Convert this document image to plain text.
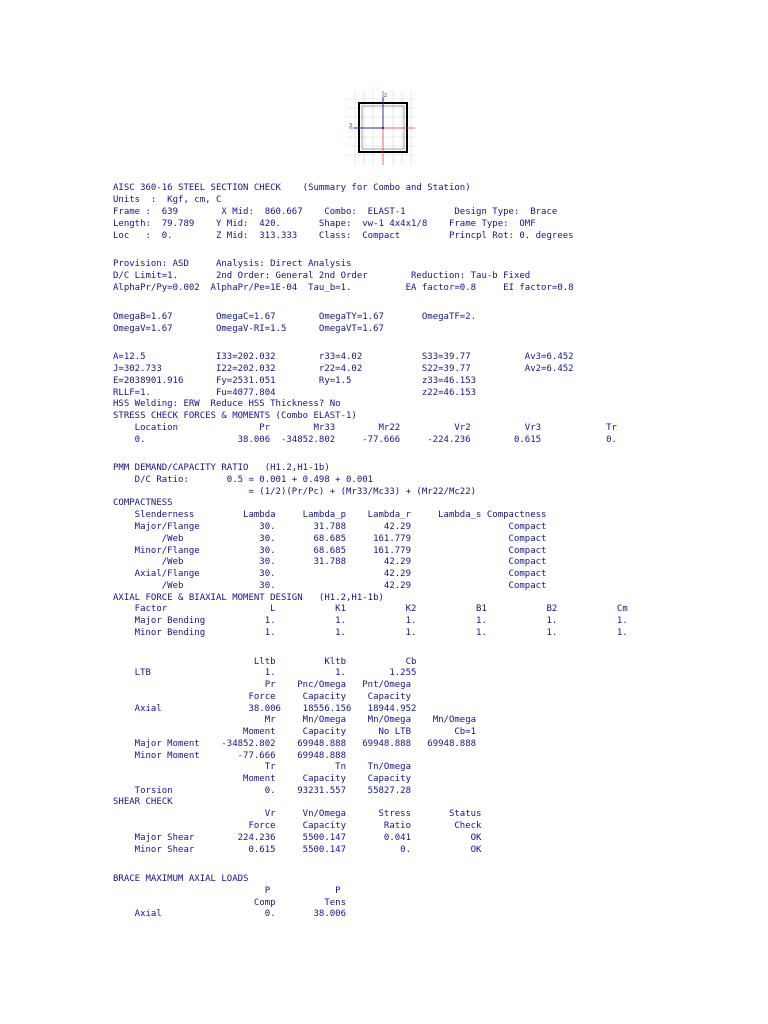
2
3
AISC 360-16 STEEL SECTION CHECK    (Summary for Combo and Station)
Units  :  Kgf, cm, C
Frame :  639        X Mid:  860.667    Combo:  ELAST-1         Design Type:  Brace
Length:  79.789    Y Mid:  420.       Shape:  vw-1 4x4x1/8    Frame Type:  OMF
Loc   :  0.        Z Mid:  313.333    Class:  Compact         Princpl Rot: 0. degrees
Provision: ASD     Analysis: Direct Analysis
D/C Limit=1.       2nd Order: General 2nd Order        Reduction: Tau-b Fixed
AlphaPr/Py=0.002  AlphaPr/Pe=1E-04  Tau_b=1.          EA factor=0.8     EI factor=0.8
OmegaB=1.67        OmegaC=1.67        OmegaTY=1.67       OmegaTF=2.
OmegaV=1.67        OmegaV-RI=1.5      OmegaVT=1.67
A=12.5             I33=202.032        r33=4.02           S33=39.77          Av3=6.452
J=302.733          I22=202.032        r22=4.02           S22=39.77          Av2=6.452
E=2038901.916      Fy=2531.051        Ry=1.5             z33=46.153
RLLF=1.            Fu=4077.804                           z22=46.153
HSS Welding: ERW  Reduce HSS Thickness? No
STRESS CHECK FORCES & MOMENTS (Combo ELAST-1)
Location               Pr        Mr33        Mr22          Vr2          Vr3            Tr
0.                 38.006  -34852.802     -77.666     -224.236        0.615            0.
PMM DEMAND/CAPACITY RATIO   (H1.2,H1-1b)
D/C Ratio:       0.5 = 0.001 + 0.498 + 0.001
= (1/2)(Pr/Pc) + (Mr33/Mc33) + (Mr22/Mc22)
COMPACTNESS
Slenderness         Lambda     Lambda_p    Lambda_r     Lambda_s Compactness
Major/Flange           30.       31.788       42.29                  Compact
/Web              30.       68.685     161.779                  Compact
Minor/Flange           30.       68.685     161.779                  Compact
/Web              30.       31.788       42.29                  Compact
Axial/Flange           30.                    42.29                  Compact
/Web              30.                    42.29                  Compact
AXIAL FORCE & BIAXIAL MOMENT DESIGN   (H1.2,H1-1b)
Factor                   L           K1           K2           B1           B2           Cm
Major Bending           1.           1.           1.           1.           1.           1.
Minor Bending           1.           1.           1.           1.           1.           1.
Lltb         Kltb           Cb
LTB                     1.           1.        1.255
Pr    Pnc/Omega   Pnt/Omega
Force     Capacity    Capacity
Axial                38.006    18556.156   18944.952
Mr     Mn/Omega    Mn/Omega    Mn/Omega
Moment     Capacity      No LTB        Cb=1
Major Moment    -34852.802    69948.888   69948.888   69948.888
Minor Moment       -77.666    69948.888
Tr           Tn    Tn/Omega
Moment     Capacity    Capacity
Torsion                 0.    93231.557    55827.28
SHEAR CHECK
Vr     Vn/Omega      Stress       Status
Force     Capacity       Ratio        Check
Major Shear        224.236     5500.147       0.041           OK
Minor Shear          0.615     5500.147          0.           OK
BRACE MAXIMUM AXIAL LOADS
P            P
Comp         Tens
Axial                   0.       38.006
